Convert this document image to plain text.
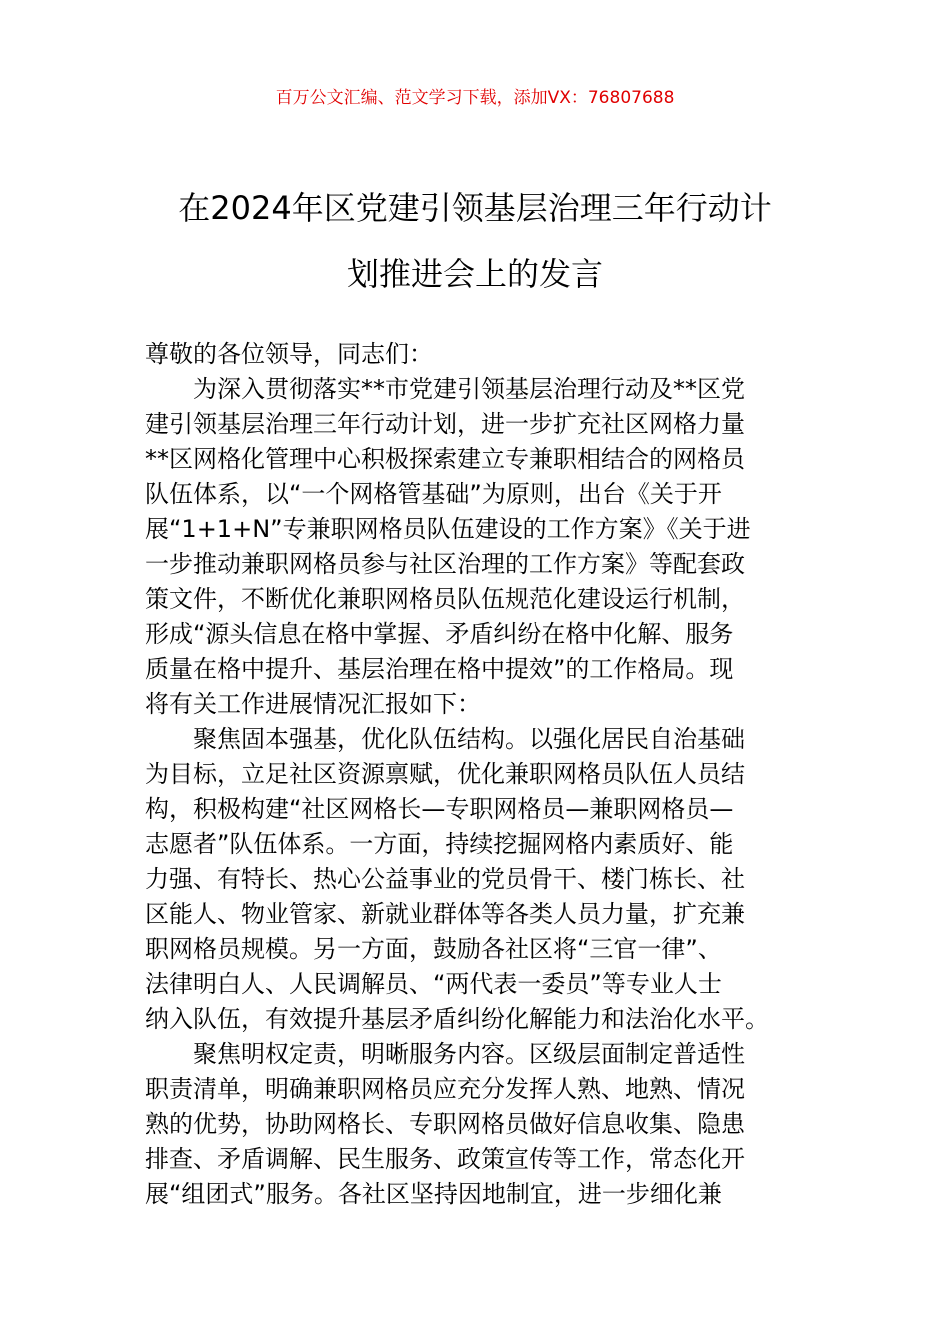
百万公文汇编、范文学习下载，添加VX：76807688
在2024年区党建引领基层治理三年行动计
划推进会上的发言
尊敬的各位领导，同志们：
为深入贯彻落实**市党建引领基层治理行动及**区党
建引领基层治理三年行动计划，进一步扩充社区网格力量
**区网格化管理中心积极探索建立专兼职相结合的网格员
队伍体系，以“一个网格管基础”为原则，出台《关于开
展“1+1+N”专兼职网格员队伍建设的工作方案》《关于进
一步推动兼职网格员参与社区治理的工作方案》等配套政
策文件，不断优化兼职网格员队伍规范化建设运行机制，
形成“源头信息在格中掌握、矛盾纠纷在格中化解、服务
质量在格中提升、基层治理在格中提效”的工作格局。现
将有关工作进展情况汇报如下：
聚焦固本强基，优化队伍结构。以强化居民自治基础
为目标，立足社区资源禀赋，优化兼职网格员队伍人员结
构，积极构建“社区网格长—专职网格员—兼职网格员—
志愿者”队伍体系。一方面，持续挖掘网格内素质好、能
力强、有特长、热心公益事业的党员骨干、楼门栋长、社
区能人、物业管家、新就业群体等各类人员力量，扩充兼
职网格员规模。另一方面，鼓励各社区将“三官一律”、
法律明白人、人民调解员、“两代表一委员”等专业人士
纳入队伍，有效提升基层矛盾纠纷化解能力和法治化水平。
聚焦明权定责，明晰服务内容。区级层面制定普适性
职责清单，明确兼职网格员应充分发挥人熟、地熟、情况
熟的优势，协助网格长、专职网格员做好信息收集、隐患
排查、矛盾调解、民生服务、政策宣传等工作，常态化开
展“组团式”服务。各社区坚持因地制宜，进一步细化兼
